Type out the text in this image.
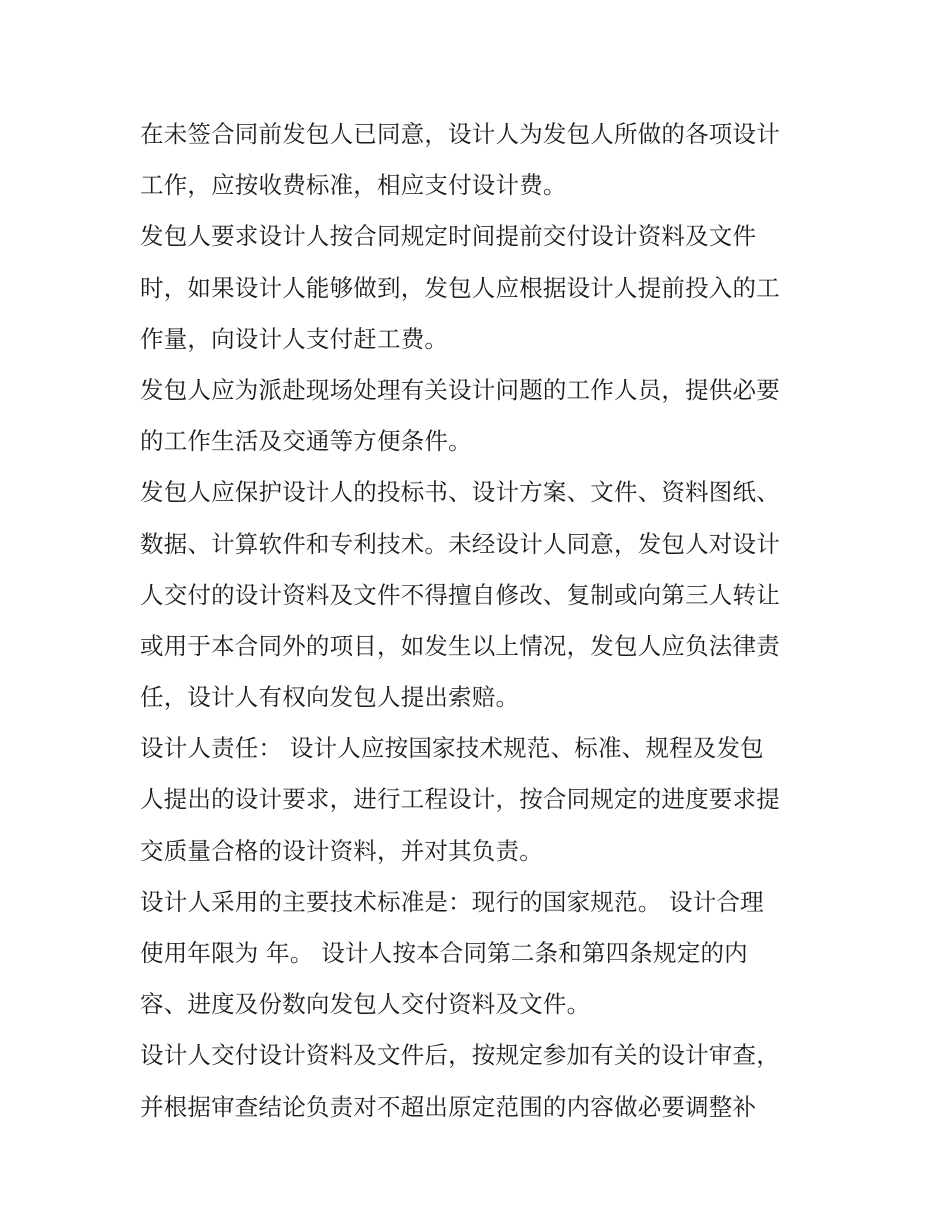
在未签合同前发包人已同意，设计人为发包人所做的各项设计
工作，应按收费标准，相应支付设计费。
发包人要求设计人按合同规定时间提前交付设计资料及文件
时，如果设计人能够做到，发包人应根据设计人提前投入的工
作量，向设计人支付赶工费。
发包人应为派赴现场处理有关设计问题的工作人员，提供必要
的工作生活及交通等方便条件。
发包人应保护设计人的投标书、设计方案、文件、资料图纸、
数据、计算软件和专利技术。未经设计人同意，发包人对设计
人交付的设计资料及文件不得擅自修改、复制或向第三人转让
或用于本合同外的项目，如发生以上情况，发包人应负法律责
任，设计人有权向发包人提出索赔。
设计人责任： 设计人应按国家技术规范、标准、规程及发包
人提出的设计要求，进行工程设计，按合同规定的进度要求提
交质量合格的设计资料，并对其负责。
设计人采用的主要技术标准是：现行的国家规范。 设计合理
使用年限为 年。 设计人按本合同第二条和第四条规定的内
容、进度及份数向发包人交付资料及文件。
设计人交付设计资料及文件后，按规定参加有关的设计审查，
并根据审查结论负责对不超出原定范围的内容做必要调整补
